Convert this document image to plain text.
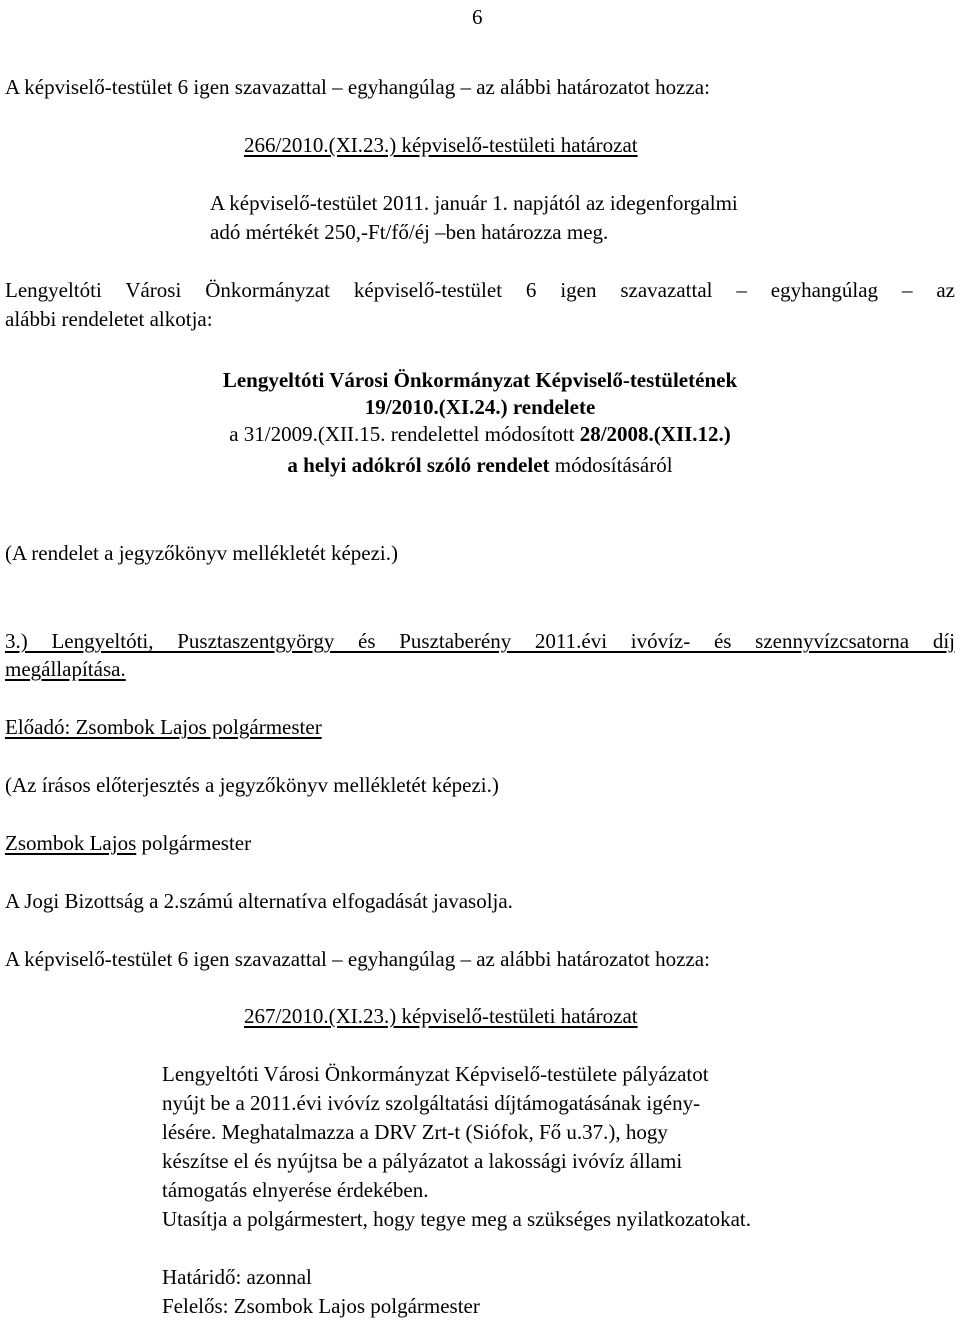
6
A képviselő-testület 6 igen szavazattal – egyhangúlag – az alábbi határozatot hozza:
266/2010.(XI.23.) képviselő-testületi határozat
A képviselő-testület 2011. január 1. napjától az idegenforgalmi
adó mértékét 250,-Ft/fő/éj –ben határozza meg.
Lengyeltóti Városi Önkormányzat képviselő-testület 6 igen szavazattal – egyhangúlag – az
alábbi rendeletet alkotja:
Lengyeltóti Városi Önkormányzat Képviselő-testületének
19/2010.(XI.24.) rendelete
a 31/2009.(XII.15. rendelettel módosított 28/2008.(XII.12.)
a helyi adókról szóló rendelet módosításáról
(A rendelet a jegyzőkönyv mellékletét képezi.)
3.) Lengyeltóti, Pusztaszentgyörgy és Pusztaberény 2011.évi ivóvíz- és szennyvízcsatorna díj
megállapítása.
Előadó: Zsombok Lajos polgármester
(Az írásos előterjesztés a jegyzőkönyv mellékletét képezi.)
Zsombok Lajos polgármester
A Jogi Bizottság a 2.számú alternatíva elfogadását javasolja.
A képviselő-testület 6 igen szavazattal – egyhangúlag – az alábbi határozatot hozza:
267/2010.(XI.23.) képviselő-testületi határozat
Lengyeltóti Városi Önkormányzat Képviselő-testülete pályázatot
nyújt be a 2011.évi ivóvíz szolgáltatási díjtámogatásának igény-
lésére. Meghatalmazza a DRV Zrt-t (Siófok, Fő u.37.), hogy
készítse el és nyújtsa be a pályázatot a lakossági ivóvíz állami
támogatás elnyerése érdekében.
Utasítja a polgármestert, hogy tegye meg a szükséges nyilatkozatokat.
Határidő: azonnal
Felelős: Zsombok Lajos polgármester
